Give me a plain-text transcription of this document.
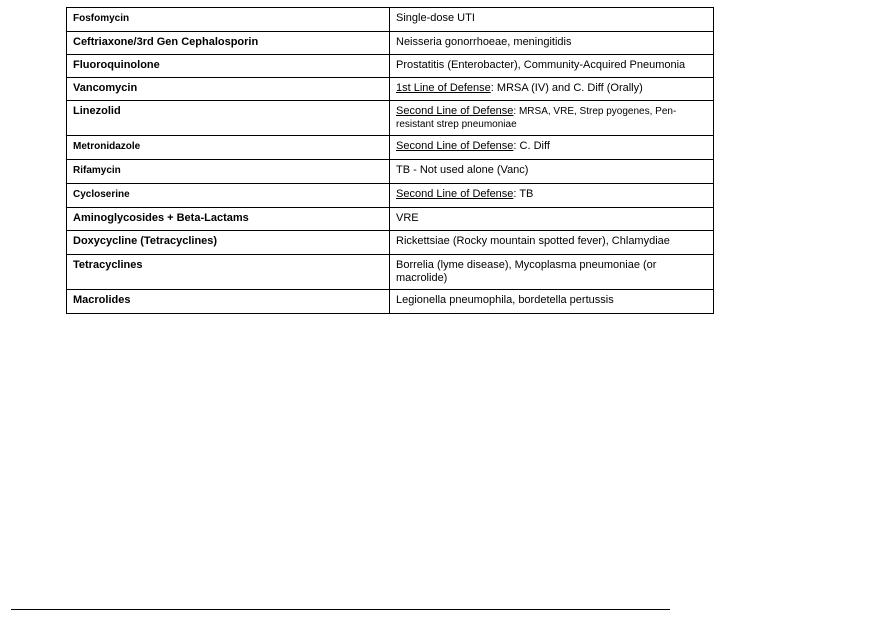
Fosfomycin	Single-dose UTI
Ceftriaxone/3rd Gen Cephalosporin	Neisseria gonorrhoeae, meningitidis
Fluoroquinolone	Prostatitis (Enterobacter), Community-Acquired Pneumonia
Vancomycin	1st Line of Defense: MRSA (IV) and C. Diff (Orally)
Linezolid	Second Line of Defense: MRSA, VRE, Strep pyogenes, Pen-resistant strep pneumoniae
Metronidazole	Second Line of Defense: C. Diff
Rifamycin	TB - Not used alone (Vanc)
Cycloserine	Second Line of Defense: TB
Aminoglycosides + Beta-Lactams	VRE
Doxycycline (Tetracyclines)	Rickettsiae (Rocky mountain spotted fever), Chlamydiae
Tetracyclines	Borrelia (lyme disease), Mycoplasma pneumoniae (or macrolide)
Macrolides	Legionella pneumophila, bordetella pertussis
